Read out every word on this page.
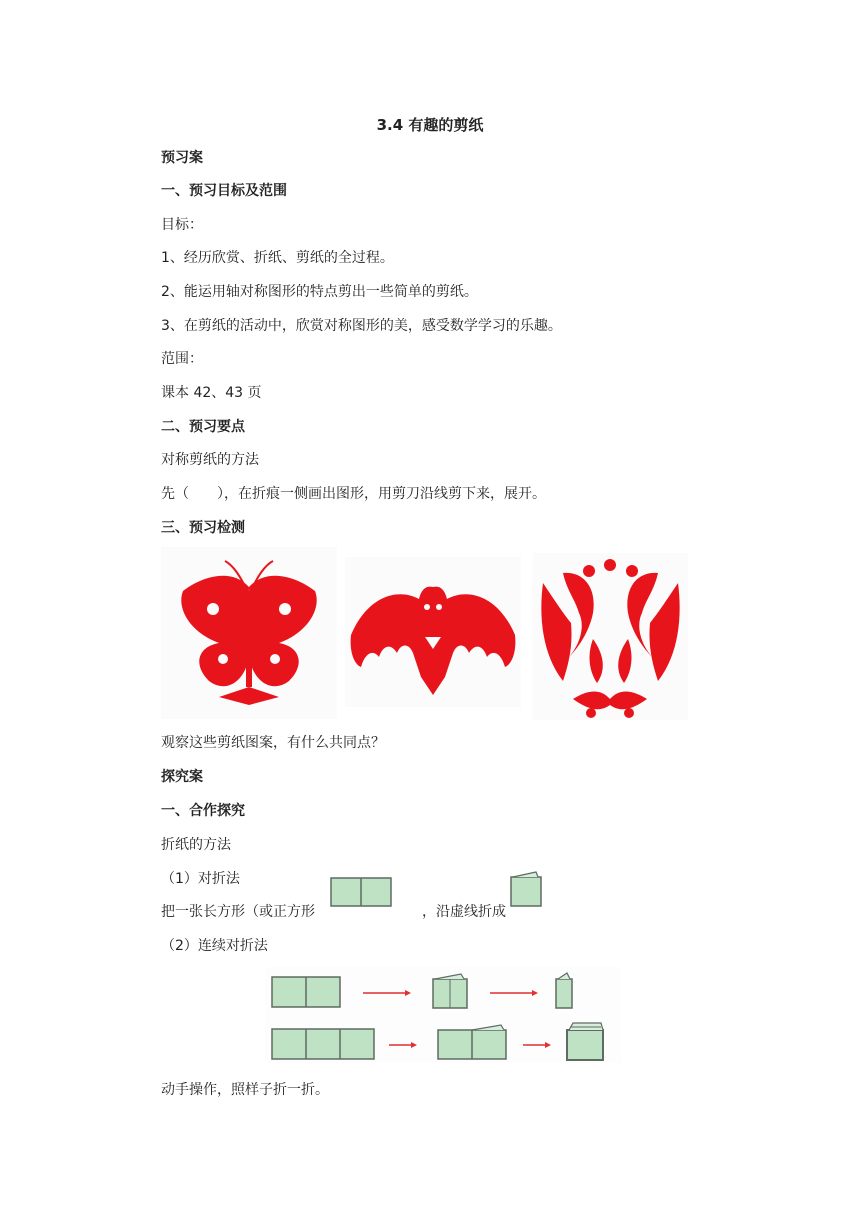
3.4 有趣的剪纸
预习案
一、预习目标及范围
目标：
1、经历欣赏、折纸、剪纸的全过程。
2、能运用轴对称图形的特点剪出一些简单的剪纸。
3、在剪纸的活动中，欣赏对称图形的美，感受数学学习的乐趣。
范围：
课本 42、43 页
二、预习要点
对称剪纸的方法
先（ ），在折痕一侧画出图形，用剪刀沿线剪下来，展开。
三、预习检测
观察这些剪纸图案，有什么共同点？
探究案
一、合作探究
折纸的方法
（1）对折法
把一张长方形（或正方形	，沿虚线折成
（2）连续对折法
动手操作，照样子折一折。
